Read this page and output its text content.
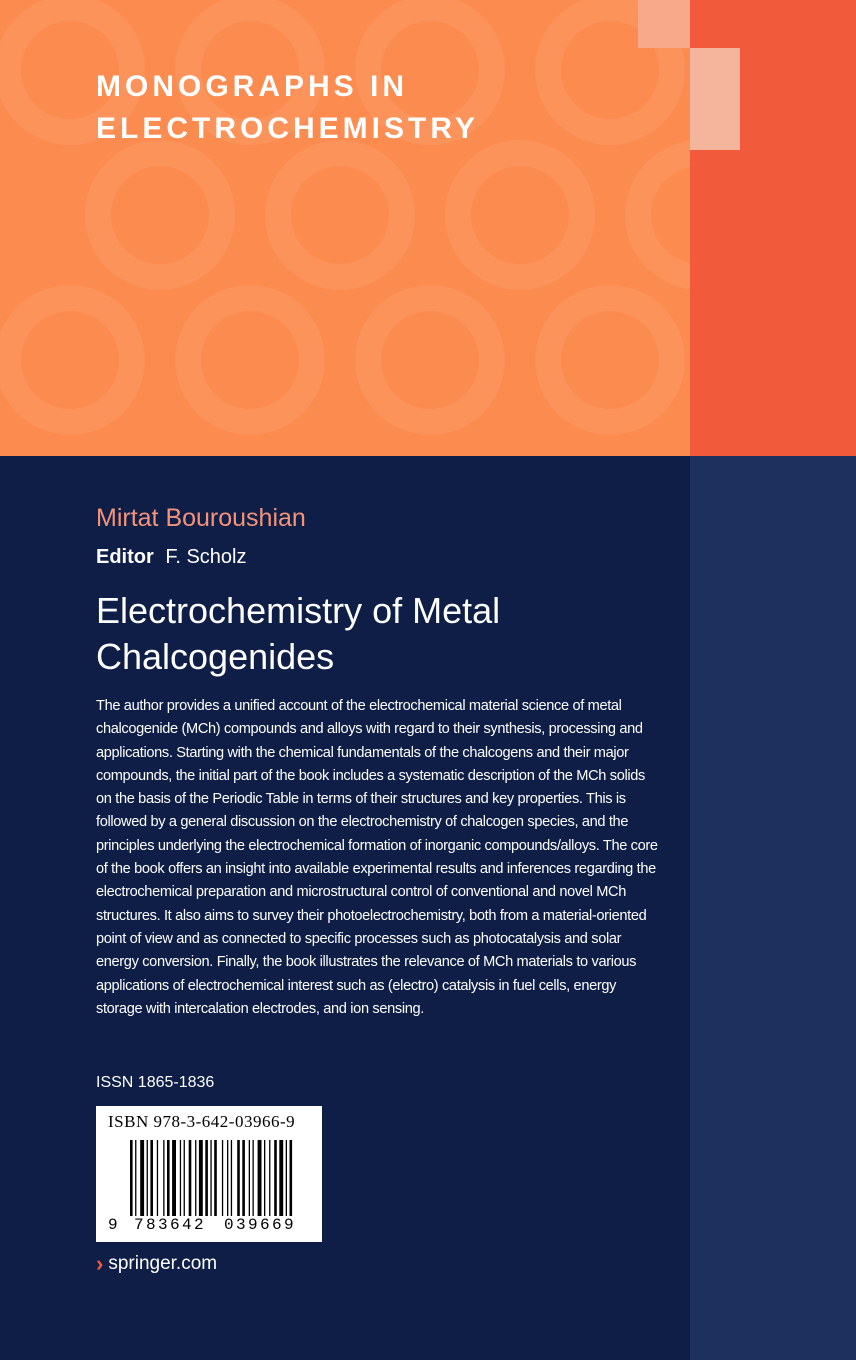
MONOGRAPHS IN
ELECTROCHEMISTRY
Mirtat Bouroushian

Editor F. Scholz

Electrochemistry of Metal
Chalcogenides

The author provides a unified account of the electrochemical material science of metal chalcogenide (MCh) compounds and alloys with regard to their synthesis, processing and applications. Starting with the chemical fundamentals of the chalcogens and their major compounds, the initial part of the book includes a systematic description of the MCh solids on the basis of the Periodic Table in terms of their structures and key properties. This is followed by a general discussion on the electrochemistry of chalcogen species, and the principles underlying the electrochemical formation of inorganic compounds/alloys. The core of the book offers an insight into available experimental results and inferences regarding the electrochemical preparation and microstructural control of conventional and novel MCh structures. It also aims to survey their photoelectrochemistry, both from a material-oriented point of view and as connected to specific processes such as photocatalysis and solar energy conversion. Finally, the book illustrates the relevance of MCh materials to various applications of electrochemical interest such as (electro) catalysis in fuel cells, energy storage with intercalation electrodes, and ion sensing.

ISSN 1865-1836

ISBN 978-3-642-03966-9

9 783642 039669
› springer.com
